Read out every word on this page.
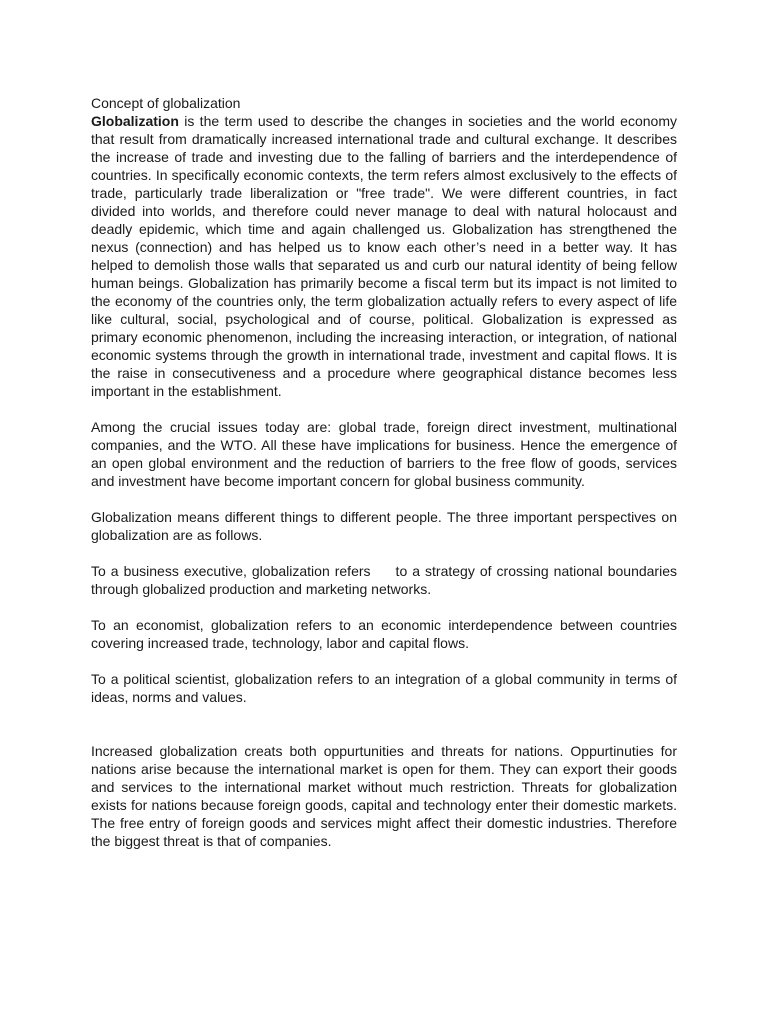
Concept of globalization

Globalization is the term used to describe the changes in societies and the world economy that result from dramatically increased international trade and cultural exchange. It describes the increase of trade and investing due to the falling of barriers and the interdependence of countries. In specifically economic contexts, the term refers almost exclusively to the effects of trade, particularly trade liberalization or "free trade". We were different countries, in fact divided into worlds, and therefore could never manage to deal with natural holocaust and deadly epidemic, which time and again challenged us. Globalization has strengthened the nexus (connection) and has helped us to know each other’s need in a better way. It has helped to demolish those walls that separated us and curb our natural identity of being fellow human beings. Globalization has primarily become a fiscal term but its impact is not limited to the economy of the countries only, the term globalization actually refers to every aspect of life like cultural, social, psychological and of course, political. Globalization is expressed as primary economic phenomenon, including the increasing interaction, or integration, of national economic systems through the growth in international trade, investment and capital flows. It is the raise in consecutiveness and a procedure where geographical distance becomes less important in the establishment.

Among the crucial issues today are: global trade, foreign direct investment, multinational companies, and the WTO. All these have implications for business. Hence the emergence of an open global environment and the reduction of barriers to the free flow of goods, services and investment have become important concern for global business community.

Globalization means different things to different people. The three important perspectives on globalization are as follows.

To a business executive, globalization refers     to a strategy of crossing national boundaries through globalized production and marketing networks.

To an economist, globalization refers to an economic interdependence between countries covering increased trade, technology, labor and capital flows.

To a political scientist, globalization refers to an integration of a global community in terms of ideas, norms and values.

Increased globalization creats both oppurtunities and threats for nations. Oppurtinuties for nations arise because the international market is open for them. They can export their goods and services to the international market without much restriction. Threats for globalization exists for nations because foreign goods, capital and technology enter their domestic markets. The free entry of foreign goods and services might affect their domestic industries. Therefore the biggest threat is that of companies.
